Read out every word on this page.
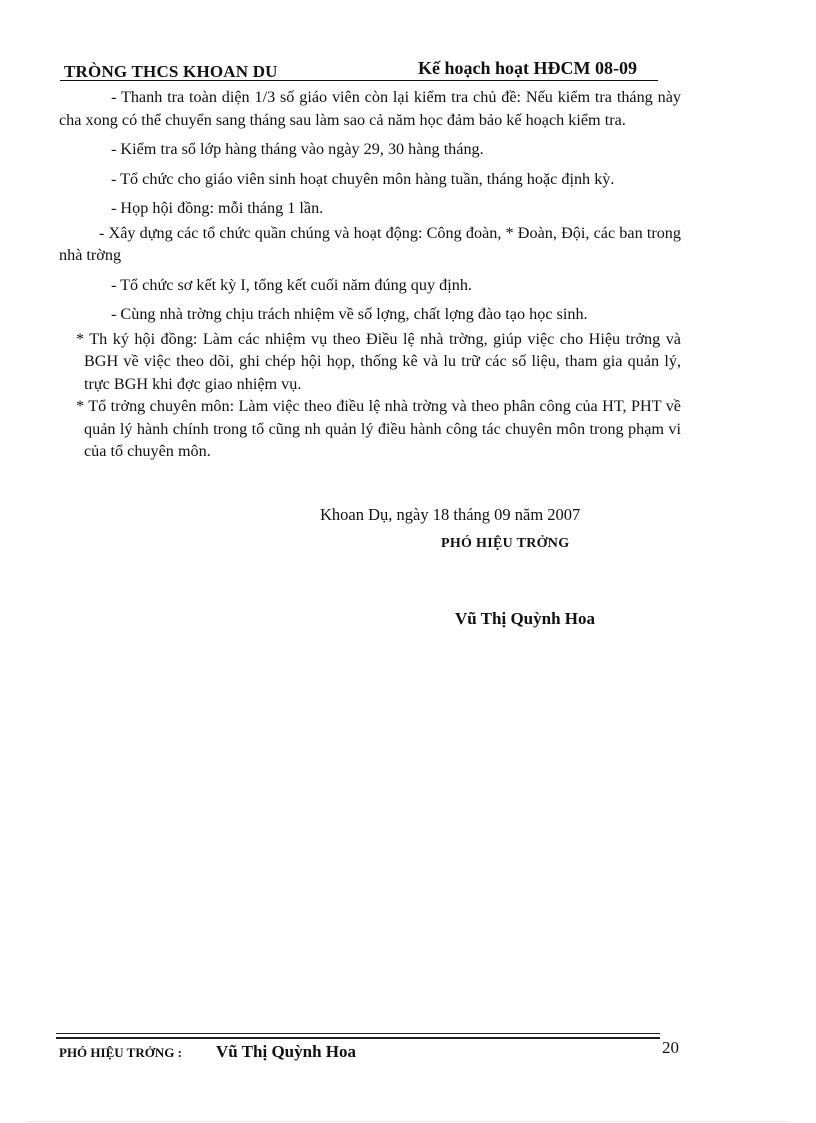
TRÒNG THCS KHOAN DU	Kế hoạch hoạt HĐCM 08-09

- Thanh tra toàn diện 1/3 số giáo viên còn lại kiểm tra chủ đề: Nếu kiểm tra tháng này cha xong có thể chuyển sang tháng sau làm sao cả năm học đảm bảo kế hoạch kiểm tra.

- Kiểm tra sổ lớp hàng tháng vào ngày 29, 30 hàng tháng.

- Tổ chức cho giáo viên sinh hoạt chuyên môn hàng tuần, tháng hoặc định kỳ.

- Họp hội đồng: mỗi tháng 1 lần.

- Xây dựng các tổ chức quần chúng và hoạt động: Công đoàn, * Đoàn, Đội, các ban trong nhà trờng

- Tổ chức sơ kết kỳ I, tổng kết cuối năm đúng quy định.

- Cùng nhà trờng chịu trách nhiệm về số lợng, chất lợng đào tạo học sinh.

* Th ký hội đồng: Làm các nhiệm vụ theo Điều lệ nhà trờng, giúp việc cho Hiệu trởng và BGH về việc theo dõi, ghi chép hội họp, thống kê và lu trữ các số liệu, tham gia quản lý, trực BGH khi đợc giao nhiệm vụ.

* Tổ trởng chuyên môn: Làm việc theo điều lệ nhà trờng và theo phân công của HT, PHT về quản lý hành chính trong tổ cũng nh quản lý điều hành công tác chuyên môn trong phạm vi của tổ chuyên môn.

Khoan Dụ, ngày 18 tháng 09 năm 2007
PHÓ HIỆU TRỞNG
Vũ Thị Quỳnh Hoa
PHÓ HIỆU TRỞNG : Vũ Thị Quỳnh Hoa	20
